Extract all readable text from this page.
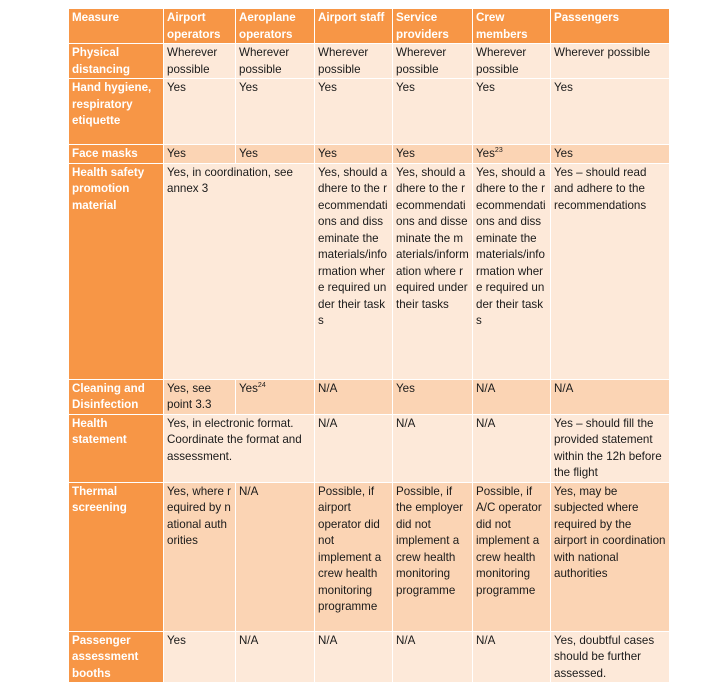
Measure	Airport operators	Aeroplane operators	Airport staff	Service providers	Crew members	Passengers
Physical distancing	Wherever possible	Wherever possible	Wherever possible	Wherever possible	Wherever possible	Wherever possible
Hand hygiene, respiratory etiquette	Yes	Yes	Yes	Yes	Yes	Yes
Face masks	Yes	Yes	Yes	Yes	Yes$^{23}$	Yes
Health safety promotion material	Yes, in coordination, see annex 3		Yes, should adhere to the recommendations and disseminate the materials/information where required under their tasks	Yes, should adhere to the recommendations and disseminate the materials/information where required under their tasks	Yes, should adhere to the recommendations and disseminate the materials/information where required under their tasks	Yes – should read and adhere to the recommendations
Cleaning and Disinfection	Yes, see point 3.3	Yes$^{24}$	N/A	Yes	N/A	N/A
Health statement	Yes, in electronic format. Coordinate the format and assessment.		N/A	N/A	N/A	Yes – should fill the provided statement within the 12h before the flight
Thermal screening	Yes, where required by national authorities	N/A	Possible, if airport operator did not implement a crew health monitoring programme	Possible, if the employer did not implement a crew health monitoring programme	Possible, if A/C operator did not implement a crew health monitoring programme	Yes, may be subjected where required by the airport in coordination with national authorities
Passenger assessment booths	Yes	N/A	N/A	N/A	N/A	Yes, doubtful cases should be further assessed.
